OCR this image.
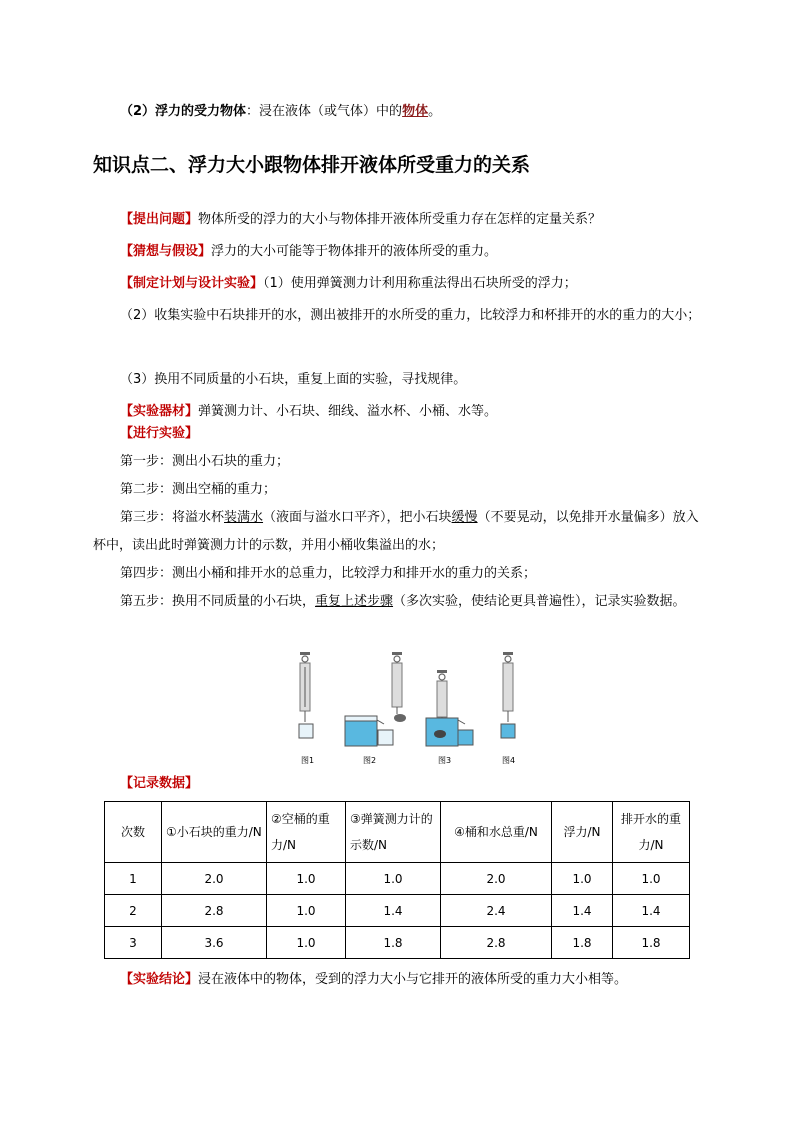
（2）浮力的受力物体：浸在液体（或气体）中的物体。
知识点二、浮力大小跟物体排开液体所受重力的关系
【提出问题】物体所受的浮力的大小与物体排开液体所受重力存在怎样的定量关系？
【猜想与假设】浮力的大小可能等于物体排开的液体所受的重力。
【制定计划与设计实验】（1）使用弹簧测力计利用称重法得出石块所受的浮力；
（2）收集实验中石块排开的水，测出被排开的水所受的重力，比较浮力和杯排开的水的重力的大小；
（3）换用不同质量的小石块，重复上面的实验，寻找规律。
【实验器材】弹簧测力计、小石块、细线、溢水杯、小桶、水等。
【进行实验】
第一步：测出小石块的重力；
第二步：测出空桶的重力；
第三步：将溢水杯装满水（液面与溢水口平齐），把小石块缓慢（不要晃动，以免排开水量偏多）放入杯中，读出此时弹簧测力计的示数，并用小桶收集溢出的水；
第四步：测出小桶和排开水的总重力，比较浮力和排开水的重力的关系；
第五步：换用不同质量的小石块，重复上述步骤（多次实验，使结论更具普遍性），记录实验数据。
图1	图2	图3	图4
【记录数据】
次数	①小石块的重力/N	②空桶的重力/N	③弹簧测力计的示数/N	④桶和水总重/N	浮力/N	排开水的重力/N
1	2.0	1.0	1.0	2.0	1.0	1.0
2	2.8	1.0	1.4	2.4	1.4	1.4
3	3.6	1.0	1.8	2.8	1.8	1.8
【实验结论】浸在液体中的物体，受到的浮力大小与它排开的液体所受的重力大小相等。
